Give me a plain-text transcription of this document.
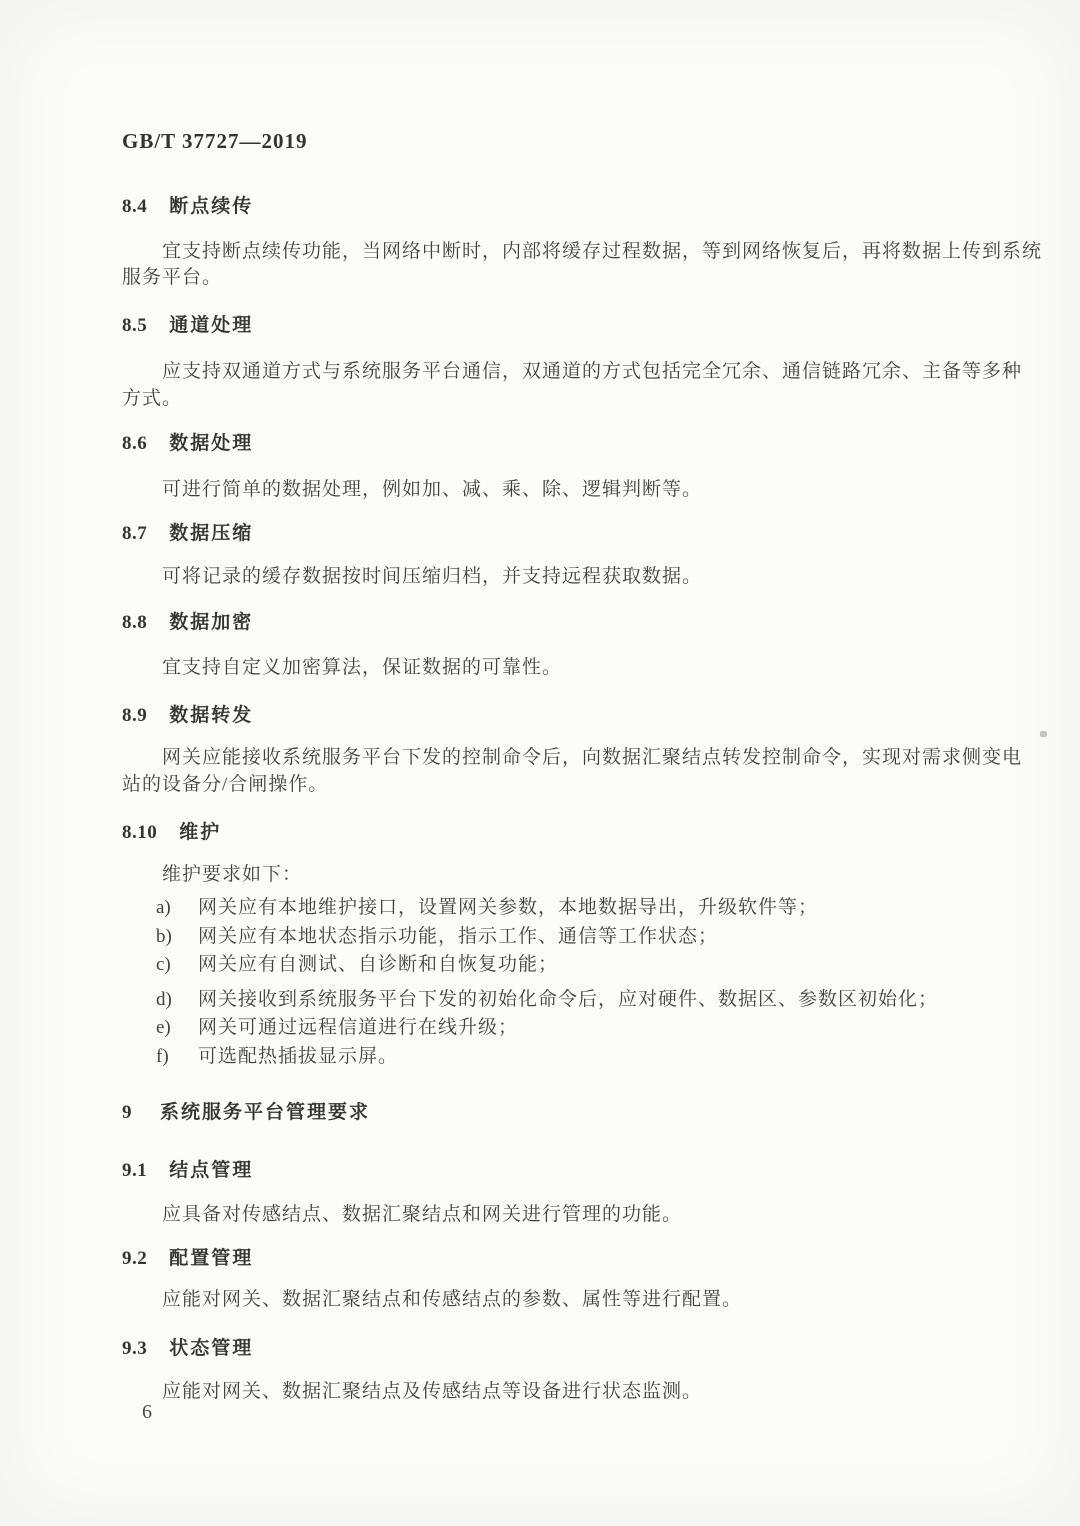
GB/T 37727—2019
8.4 断点续传
宜支持断点续传功能，当网络中断时，内部将缓存过程数据，等到网络恢复后，再将数据上传到系统
服务平台。
8.5 通道处理
应支持双通道方式与系统服务平台通信，双通道的方式包括完全冗余、通信链路冗余、主备等多种
方式。
8.6 数据处理
可进行简单的数据处理，例如加、减、乘、除、逻辑判断等。
8.7 数据压缩
可将记录的缓存数据按时间压缩归档，并支持远程获取数据。
8.8 数据加密
宜支持自定义加密算法，保证数据的可靠性。
8.9 数据转发
网关应能接收系统服务平台下发的控制命令后，向数据汇聚结点转发控制命令，实现对需求侧变电
站的设备分/合闸操作。
8.10 维护
维护要求如下：
a) 网关应有本地维护接口，设置网关参数，本地数据导出，升级软件等；
b) 网关应有本地状态指示功能，指示工作、通信等工作状态；
c) 网关应有自测试、自诊断和自恢复功能；
d) 网关接收到系统服务平台下发的初始化命令后，应对硬件、数据区、参数区初始化；
e) 网关可通过远程信道进行在线升级；
f) 可选配热插拔显示屏。
9 系统服务平台管理要求
9.1 结点管理
应具备对传感结点、数据汇聚结点和网关进行管理的功能。
9.2 配置管理
应能对网关、数据汇聚结点和传感结点的参数、属性等进行配置。
9.3 状态管理
应能对网关、数据汇聚结点及传感结点等设备进行状态监测。
6
